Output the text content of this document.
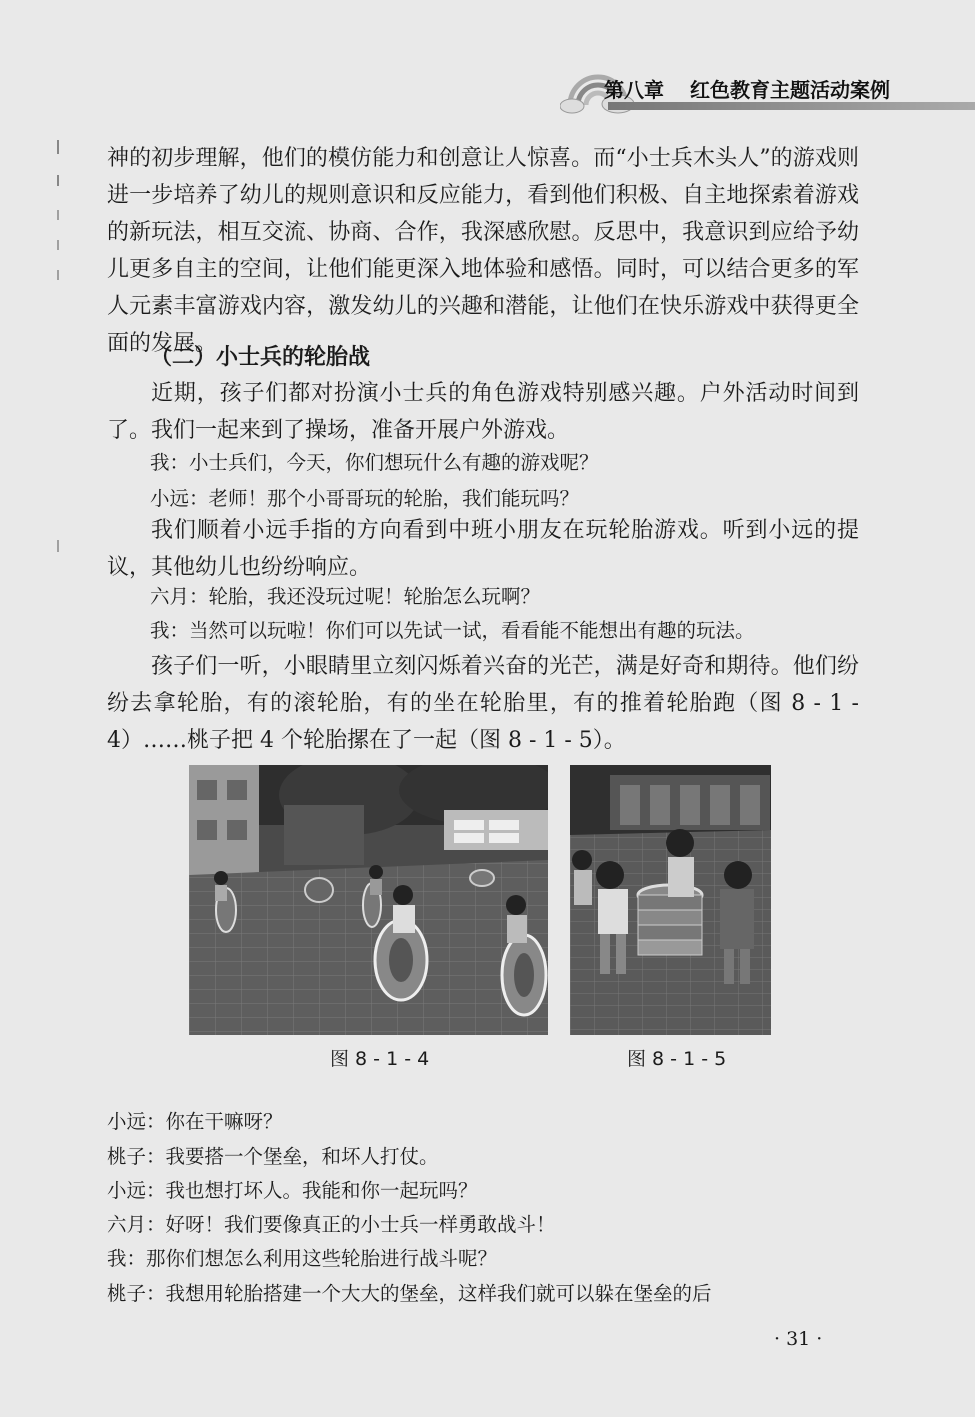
第八章 红色教育主题活动案例

神的初步理解，他们的模仿能力和创意让人惊喜。而“小士兵木头人”的游戏则进一步培养了幼儿的规则意识和反应能力，看到他们积极、自主地探索着游戏的新玩法，相互交流、协商、合作，我深感欣慰。反思中，我意识到应给予幼儿更多自主的空间，让他们能更深入地体验和感悟。同时，可以结合更多的军人元素丰富游戏内容，激发幼儿的兴趣和潜能，让他们在快乐游戏中获得更全面的发展。

（二）小士兵的轮胎战

近期，孩子们都对扮演小士兵的角色游戏特别感兴趣。户外活动时间到了。我们一起来到了操场，准备开展户外游戏。

我：小士兵们，今天，你们想玩什么有趣的游戏呢？

小远：老师！那个小哥哥玩的轮胎，我们能玩吗？

我们顺着小远手指的方向看到中班小朋友在玩轮胎游戏。听到小远的提议，其他幼儿也纷纷响应。

六月：轮胎，我还没玩过呢！轮胎怎么玩啊？

我：当然可以玩啦！你们可以先试一试，看看能不能想出有趣的玩法。

孩子们一听，小眼睛里立刻闪烁着兴奋的光芒，满是好奇和期待。他们纷纷去拿轮胎，有的滚轮胎，有的坐在轮胎里，有的推着轮胎跑（图 8 - 1 - 4）……桃子把 4 个轮胎摞在了一起（图 8 - 1 - 5）。

图 8 - 1 - 4	图 8 - 1 - 5

小远：你在干嘛呀？

桃子：我要搭一个堡垒，和坏人打仗。

小远：我也想打坏人。我能和你一起玩吗？

六月：好呀！我们要像真正的小士兵一样勇敢战斗！

我：那你们想怎么利用这些轮胎进行战斗呢？

桃子：我想用轮胎搭建一个大大的堡垒，这样我们就可以躲在堡垒的后

· 31 ·
